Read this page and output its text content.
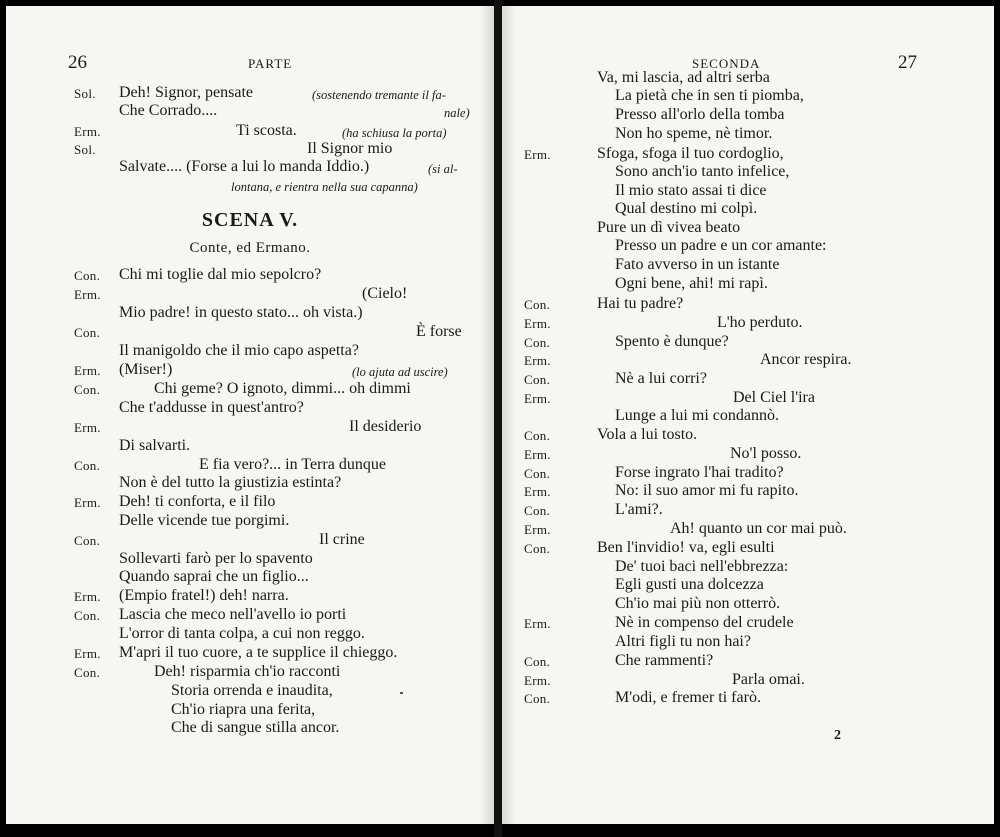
26	PARTE
SCENA V.
Conte, ed Ermano.
Sol. Deh! Signor, pensate	(sostenendo tremante il fa-
Che Corrado....	nale)
Erm.	Ti scosta.	(ha schiusa la porta)
Sol.	Il Signor mio
Salvate.... (Forse a lui lo manda Iddio.)	(si al-
lontana, e rientra nella sua capanna)
Con. Chi mi toglie dal mio sepolcro?
Erm.	(Cielo!
Mio padre! in questo stato... oh vista.)
Con.	È forse
Il manigoldo che il mio capo aspetta?
Erm. (Miser!)	(lo ajuta ad uscire)
Con.	Chi geme? O ignoto, dimmi... oh dimmi
Che t'addusse in quest'antro?
Erm.	Il desiderio
Di salvarti.
Con.	E fia vero?... in Terra dunque
Non è del tutto la giustizia estinta?
Erm. Deh! ti conforta, e il filo
Delle vicende tue porgimi.
Con.	Il crine
Sollevarti farò per lo spavento
Quando saprai che un figlio...
Erm. (Empio fratel!) deh! narra.
Con. Lascia che meco nell'avello io porti
L'orror di tanta colpa, a cui non reggo.
Erm. M'apri il tuo cuore, a te supplice il chieggo.
Con.	Deh! risparmia ch'io racconti
Storia orrenda e inaudita,
Ch'io riapra una ferita,
Che di sangue stilla ancor.
SECONDA	27
Va, mi lascia, ad altri serba
La pietà che in sen ti piomba,
Presso all'orlo della tomba
Non ho speme, nè timor.
Erm.	Sfoga, sfoga il tuo cordoglio,
Sono anch'io tanto infelice,
Il mio stato assai ti dice
Qual destino mi colpì.
Pure un dì vivea beato
Presso un padre e un cor amante:
Fato avverso in un istante
Ogni bene, ahi! mi rapì.
Con.	Hai tu padre?
Erm.	L'ho perduto.
Con.	Spento è dunque?
Erm.	Ancor respira.
Con.	Nè a lui corri?
Erm.	Del Ciel l'ira
Lunge a lui mi condannò.
Con.	Vola a lui tosto.
Erm.	No'l posso.
Con.	Forse ingrato l'hai tradito?
Erm.	No: il suo amor mi fu rapito.
Con.	L'ami?.
Erm.	Ah! quanto un cor mai può.
Con.	Ben l'invidio! va, egli esulti
De' tuoi baci nell'ebbrezza:
Egli gusti una dolcezza
Ch'io mai più non otterrò.
Erm.	Nè in compenso del crudele
Altri figli tu non hai?
Con.	Che rammenti?
Erm.	Parla omai.
Con.	M'odi, e fremer ti farò.
2
